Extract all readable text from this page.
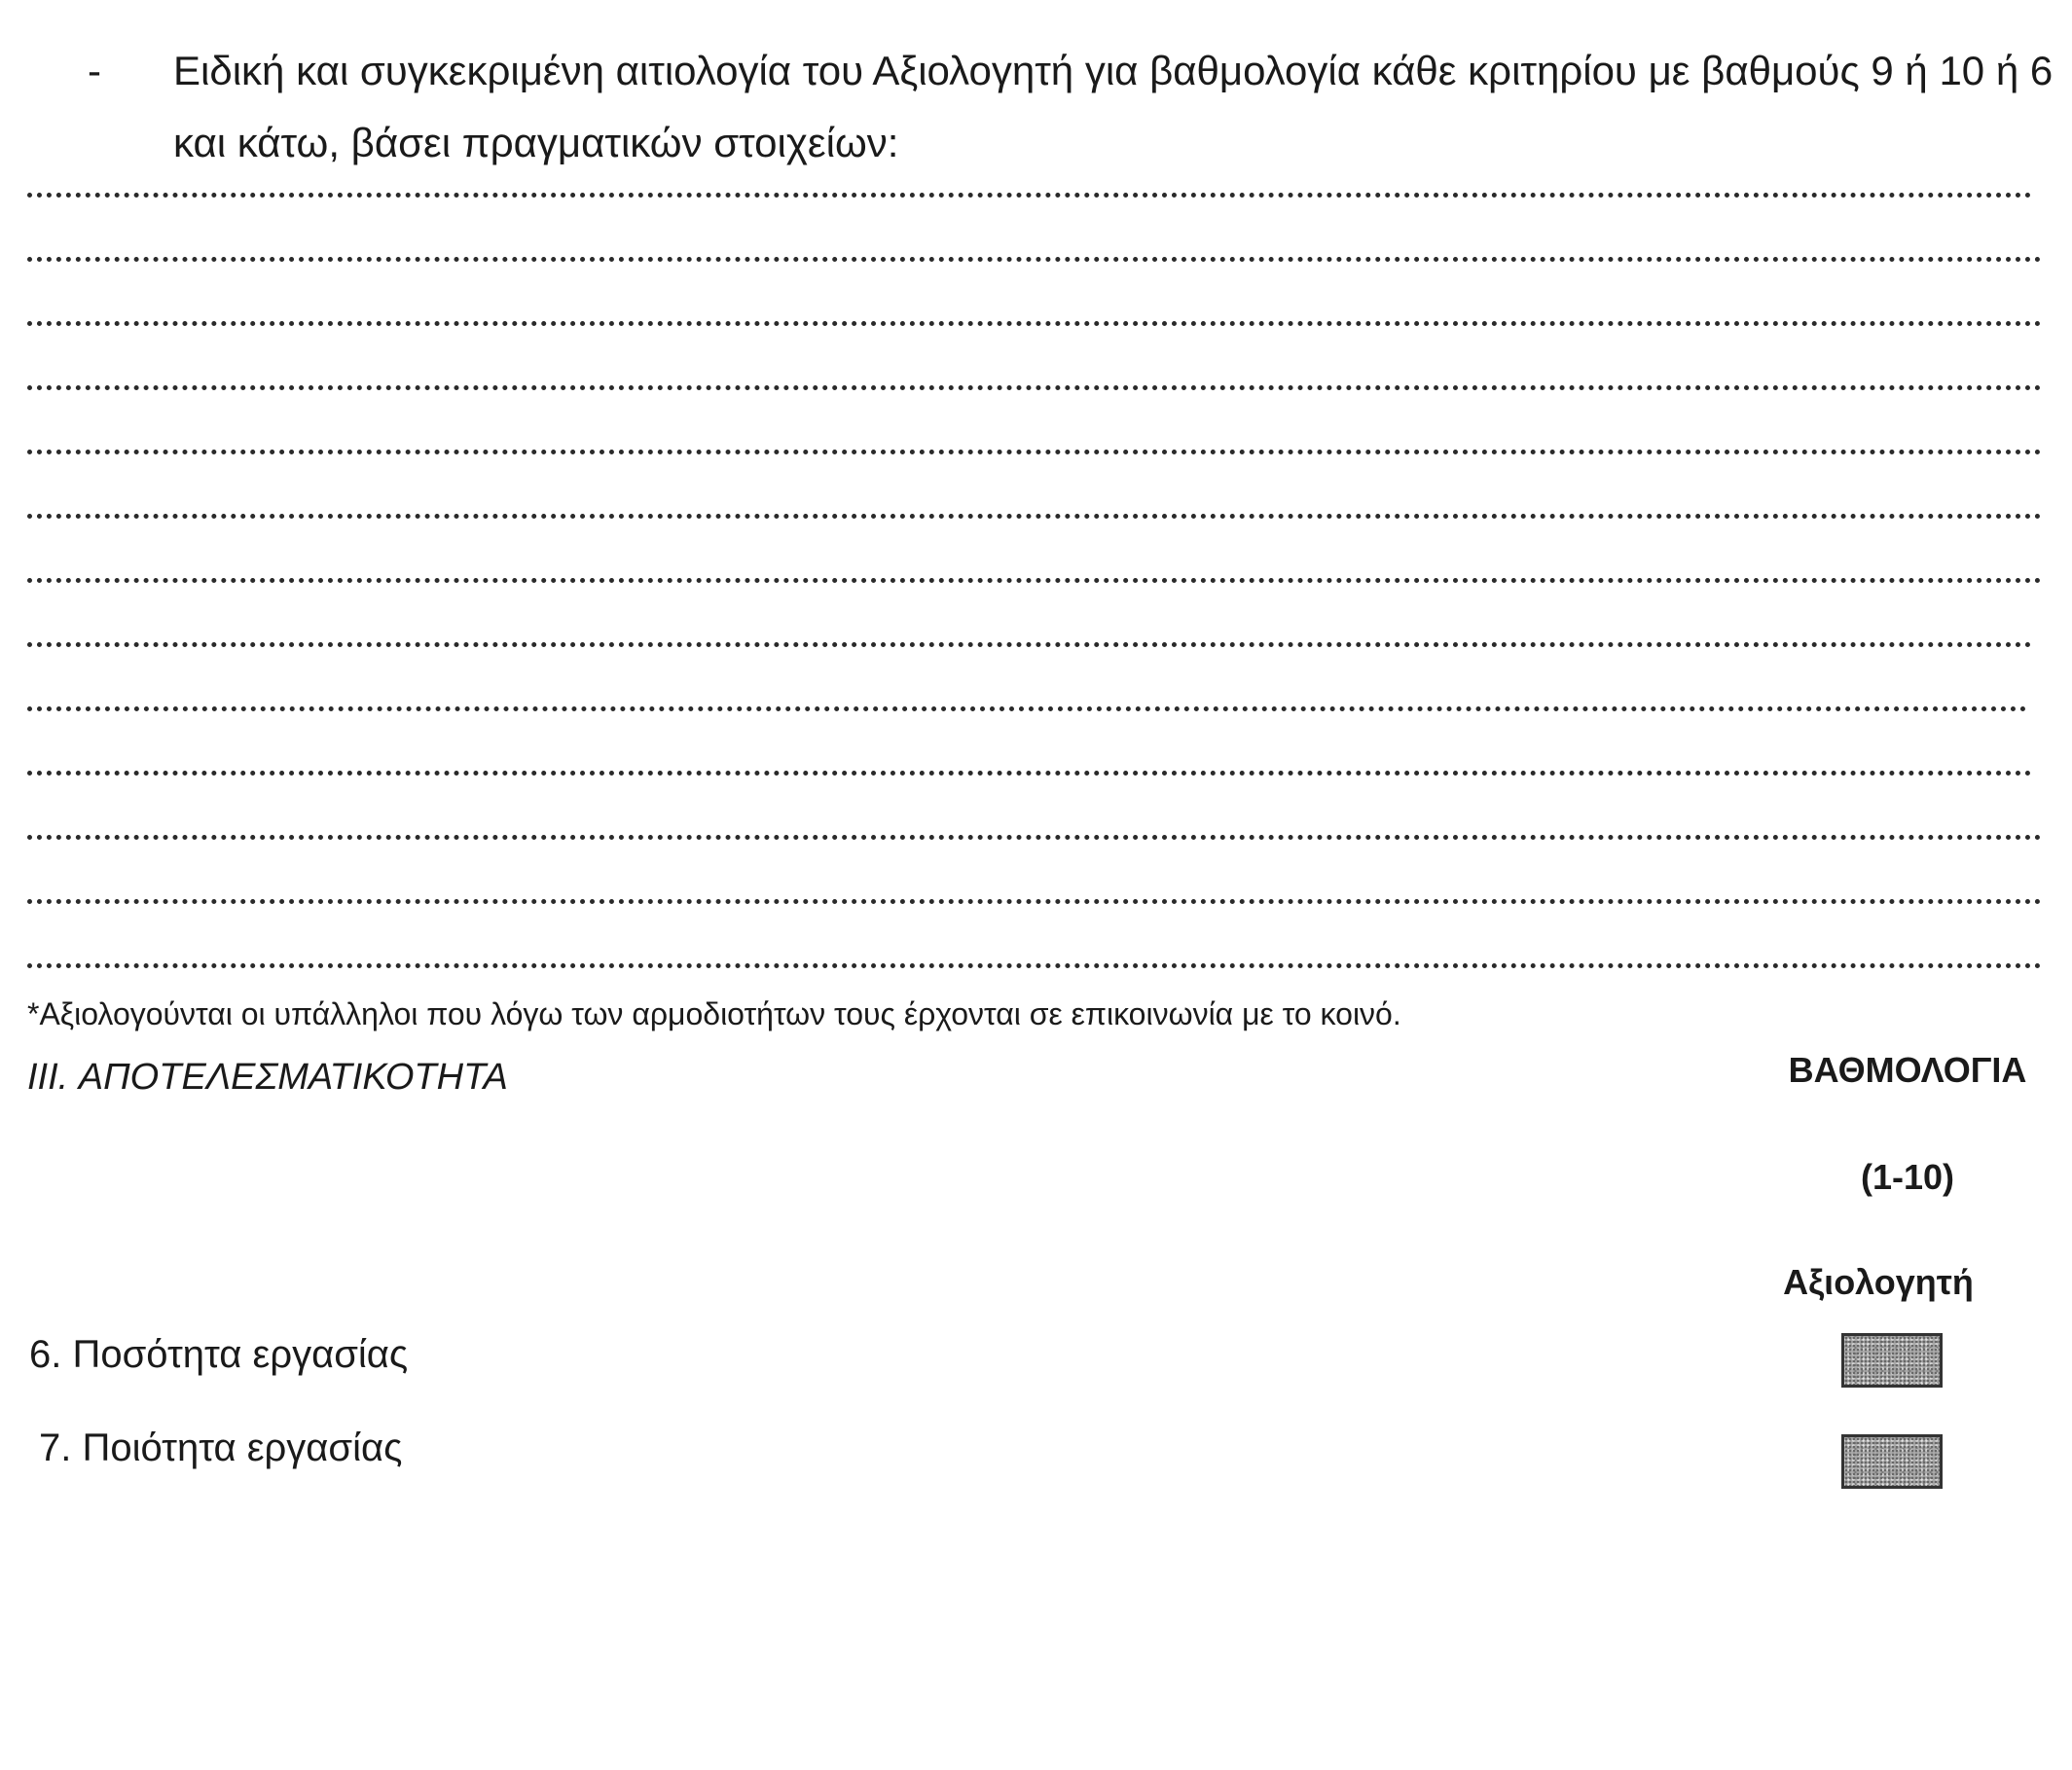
- Ειδική και συγκεκριμένη αιτιολογία του Αξιολογητή για βαθμολογία κάθε κριτηρίου με βαθμούς 9 ή 10 ή 6 και κάτω, βάσει πραγματικών στοιχείων:
*Αξιολογούνται οι υπάλληλοι που λόγω των αρμοδιοτήτων τους έρχονται σε επικοινωνία με το κοινό.
III. ΑΠΟΤΕΛΕΣΜΑΤΙΚΟΤΗΤΑ	ΒΑΘΜΟΛΟΓΙΑ
(1-10)
Αξιολογητή
6. Ποσότητα εργασίας
7. Ποιότητα εργασίας
